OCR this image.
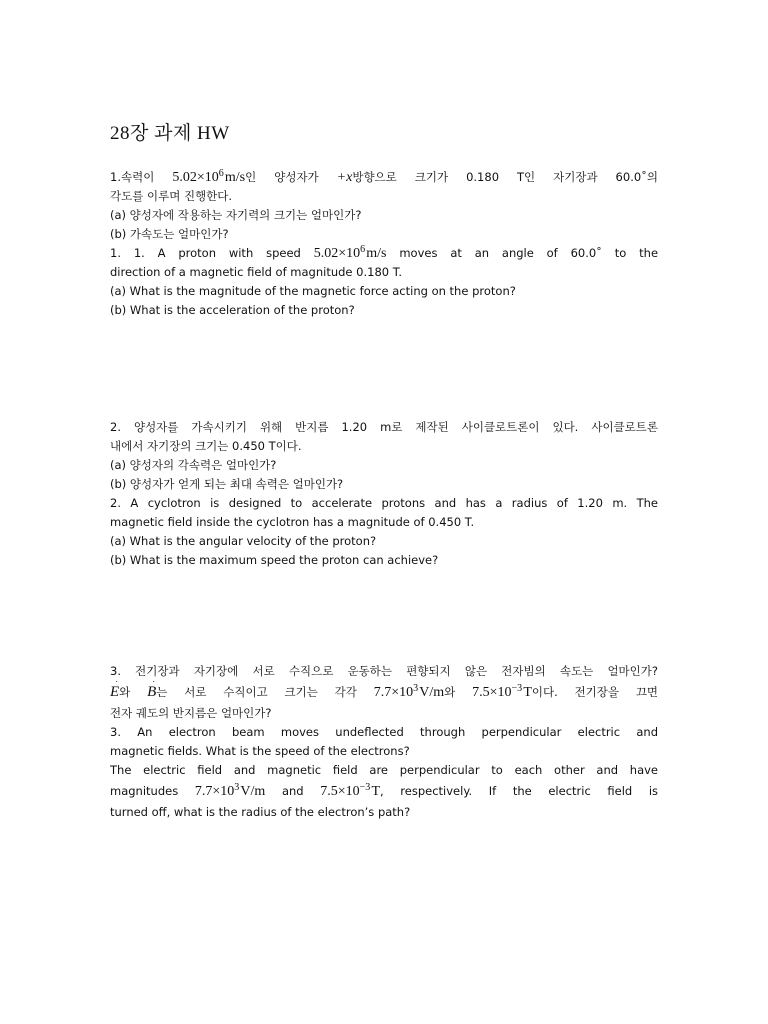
28장 과제 HW
1.속력이 $5.02\times 10^6$ m/s인 양성자가 +x방향으로 크기가 0.180 T인 자기장과 60.0˚의
각도를 이루며 진행한다.
(a) 양성자에 작용하는 자기력의 크기는 얼마인가?
(b) 가속도는 얼마인가?
1. 1. A proton with speed $5.02\times 10^6$ m/s moves at an angle of 60.0˚ to the
direction of a magnetic field of magnitude 0.180 T.
(a) What is the magnitude of the magnetic force acting on the proton?
(b) What is the acceleration of the proton?
2. 양성자를 가속시키기 위해 반지름 1.20 m로 제작된 사이클로트론이 있다. 사이클로트론
내에서 자기장의 크기는 0.450 T이다.
(a) 양성자의 각속력은 얼마인가?
(b) 양성자가 얻게 되는 최대 속력은 얼마인가?
2. A cyclotron is designed to accelerate protons and has a radius of 1.20 m. The
magnetic field inside the cyclotron has a magnitude of 0.450 T.
(a) What is the angular velocity of the proton?
(b) What is the maximum speed the proton can achieve?
3. 전기장과 자기장에 서로 수직으로 운동하는 편향되지 않은 전자빔의 속도는 얼마인가?
E와 B는 서로 수직이고 크기는 각각 $7.7\times 10^3$ V/m와 $7.5\times 10^{-3}$ T이다. 전기장을 끄면
전자 궤도의 반지름은 얼마인가?
3. An electron beam moves undeflected through perpendicular electric and
magnetic fields. What is the speed of the electrons?
The electric field and magnetic field are perpendicular to each other and have
magnitudes $7.7\times 10^3$ V/m and $7.5\times 10^{-3}$ T, respectively. If the electric field is
turned off, what is the radius of the electron’s path?
